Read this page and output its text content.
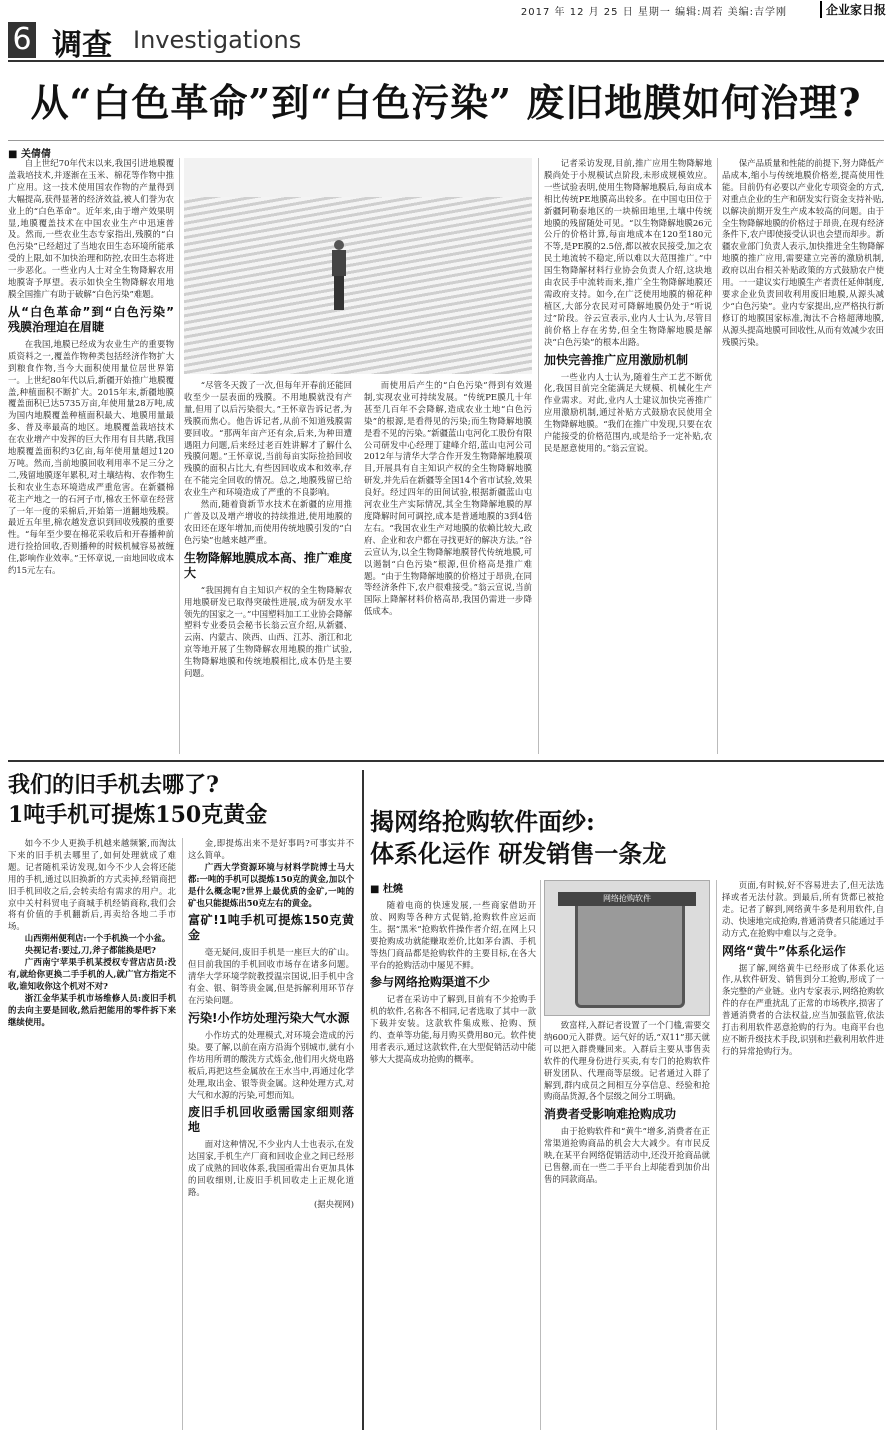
2017 年 12 月 25 日 星期一 编辑:周若 美编:吉学刚	企业家日报
6 调查 Investigations
从“白色革命”到“白色污染” 废旧地膜如何治理?
■ 关倩倩

自上世纪70年代末以来,我国引进地膜覆盖栽培技术,并逐渐在玉米、棉花等作物中推广应用。这一技术使用国农作物的产量得到大幅提高,获得显著的经济效益,被人们誉为农业上的“白色革命”。近年来,由于增产效果明显,地膜覆盖技术在中国农业生产中迅速普及。然而,一些农业生态专家指出,残膜的“白色污染”已经超过了当地农田生态环境所能承受的上限,如不加快治理和防控,农田生态将进一步恶化。一些业内人士对全生物降解农用地膜寄予厚望。表示如快全生物降解农用地膜全国推广有助于破解“白色污染”难题。

从“白色革命”到“白色污染” 残膜治理迫在眉睫

在我国,地膜已经成为农业生产的重要物质资料之一,覆盖作物种类包括经济作物扩大到粮食作物,当今大面积使用量位居世界第一。上世纪80年代以后,新疆开始推广地膜覆盖,种植面积不断扩大。2015年末,新疆地膜覆盖面积已达5735万亩,年使用量28万吨,成为国内地膜覆盖种植面积最大、地膜用量最多、普及率最高的地区。地膜覆盖栽培技术在农业增产中发挥的巨大作用有目共睹,我国地膜覆盖面积约3亿亩,每年使用量超过120万吨。然而,当前地膜回收利用率不足三分之二,残留地膜逐年累积,对土壤结构、农作物生长和农业生态环境造成严重危害。在新疆棉花主产地之一的石河子市,棉农王怀章在经营了一年一度的采棉后,开始第一道翻地残膜。最近五年里,棉农越发意识到回收残膜的重要性。“每年至少要在棉花采收后和开春播种前进行捡拾回收,否则播种的时候机械容易被缠住,影响作业效率。”王怀章说,一亩地回收成本约15元左右。

“尽管冬天拨了一次,但每年开春前还能回收至少一层表面的残膜。不用地膜就没有产量,但用了以后污染很大。”王怀章告诉记者,为残膜而焦心。他告诉记者,从前不知道残膜需要回收。“那两年亩产还有余,后来,为种田遭遇阻力问题,后来经过老百姓讲解才了解什么残膜问题。”王怀章说,当前每亩实际捡拾回收残膜的面积占比大,有些因回收成本和效率,存在不能完全回收的情况。总之,地膜残留已给农业生产和环境造成了严重的不良影响。

然而,随着資新节水技术在新疆的应用推广普及以及增产增收的持续推进,使用地膜的农田还在逐年增加,而使用传统地膜引发的“白色污染”也越来越严重。

生物降解地膜成本高、推广难度大

“我国拥有自主知识产权的全生物降解农用地膜研发已取得突破性进展,成为研发水平领先的国家之一。”中国塑料加工工业协会降解塑料专业委员会秘书长翁云宣介绍,从新疆、云南、内蒙古、陕西、山西、江苏、浙江和北京等地开展了生物降解农用地膜的推广试验,生物降解地膜和传统地膜相比,成本仍是主要问题。

而使用后产生的“白色污染”得到有效遏制,实现农业可持续发展。“传统PE膜几十年甚至几百年不会降解,造成农业土地“白色污染”的根源,是看得见的污染;而生物降解地膜是看不见的污染。”新疆蓝山屯河化工股份有限公司研发中心经理丁建峰介绍,蓝山屯河公司2012年与清华大学合作开发生物降解地膜项目,开展具有自主知识产权的全生物降解地膜研发,并先后在新疆等全国14个省市试验,效果良好。经过四年的田间试验,根据新疆蓝山屯河农业生产实际情况,其全生物降解地膜的厚度降解时间可调控,成本是普通地膜的3到4倍左右。“我国农业生产对地膜的依赖比较大,政府、企业和农户都在寻找更好的解决方法。”谷云宣认为,以全生物降解地膜替代传统地膜,可以遏制“白色污染”根源,但价格高是推广难题。“由于生物降解地膜的价格过于昂贵,在同等经济条件下,农户很难接受。”翁云宣说,当前国际上降解材料价格高昂,我国仍需进一步降低成本。

记者采访发现,目前,推广应用生物降解地膜尚处于小规模试点阶段,未形成规模效应。一些试验表明,使用生物降解地膜后,每亩成本相比传统PE地膜高出较多。在中国屯田位于新疆阿勒泰地区的一块棉田地里,土壤中传统地膜的残留随处可见。“以生物降解地膜26元公斤的价格计算,每亩地成本在120至180元不等,是PE膜的2.5倍,都以被农民接受,加之农民土地流转不稳定,所以难以大范围推广。”中国生物降解材料行业协会负责人介绍,这块地由农民手中流转而来,推广全生物降解地膜还需政府支持。如今,在广泛使用地膜的棉花种植区,大部分农民对可降解地膜仍处于“听说过”阶段。谷云宣表示,业内人士认为,尽管目前价格上存在劣势,但全生物降解地膜是解决“白色污染”的根本出路。

加快完善推广应用激励机制

一些业内人士认为,随着生产工艺不断优化,我国目前完全能满足大规模、机械化生产作业需求。对此,业内人士建议加快完善推广应用激励机制,通过补贴方式鼓励农民使用全生物降解地膜。“我们在推广中发现,只要在农户能接受的价格范围内,或是给予一定补贴,农民是愿意使用的。”翁云宣说。

保产品质量和性能的前提下,努力降低产品成本,缩小与传统地膜价格差,提高使用性能。目前仍有必要以产业化专项资金的方式,对重点企业的生产和研发实行资金支持补贴,以解决前期开发生产成本较高的问题。由于全生物降解地膜的价格过于昂贵,在现有经济条件下,农户即使接受认识也会望而却步。新疆农业部门负责人表示,加快推进全生物降解地膜的推广应用,需要建立完善的激励机制,政府以出台相关补贴政策的方式鼓励农户使用。一一建议实行地膜生产者责任延伸制度,要求企业负责回收利用废旧地膜,从源头减少“白色污染”。业内专家提出,应严格执行新修订的地膜国家标准,淘汰不合格超薄地膜,从源头提高地膜可回收性,从而有效减少农田残膜污染。

我们的旧手机去哪了?
1吨手机可提炼150克黄金

如今不少人更换手机越来越频繁,而淘汰下来的旧手机去哪里了,如何处理就成了难题。记者随机采访发现,如今不少人会将还能用的手机,通过以旧换新的方式卖掉,经销商把旧手机回收之后,会转卖给有需求的用户。北京中关村科贸电子商城手机经销商称,我们会将有价值的手机翻新后,再卖给各地二手市场。

山西朔州便利店:一个手机换一个小盆。

央视记者:要过,刀,斧子都能换是吧?

广西南宁苹果手机某授权专营店店员:没有,就给你更换二手手机的人,就广官方指定不收,谁知收你这个机对不对?

浙江金华某手机市场维修人员:废旧手机的去向主要是回收,然后把能用的零件拆下来继续使用。

金,即提炼出来不是好事吗?可事实并不这么简单。

广西大学资源环境与材料学院博士马大都:一吨的手机可以提炼150克的黄金,加以个是什么概念呢?世界上最优质的金矿,一吨的矿也只能提炼出50克左右的黄金。

富矿!1吨手机可提炼150克黄金

毫无疑问,废旧手机是一座巨大的矿山。但目前我国的手机回收市场存在诸多问题。清华大学环境学院教授温宗国说,旧手机中含有金、银、铜等贵金属,但是拆解利用环节存在污染问题。

污染!小作坊处理污染大气水源

小作坊式的处理模式,对环境会造成的污染。要了解,以前在南方沿海个别城市,就有小作坊用所谓的酸洗方式炼金,他们用火烧电路板后,再把这些金属放在王水当中,再通过化学处理,取出金、银等贵金属。这种处理方式,对大气和水源的污染,可想而知。

废旧手机回收亟需国家细则落地

面对这种情况,不少业内人士也表示,在发达国家,手机生产厂商和回收企业之间已经形成了成熟的回收体系,我国亟需出台更加具体的回收细则,让废旧手机回收走上正规化道路。

(据央视网)

揭网络抢购软件面纱:
体系化运作 研发销售一条龙
■ 杜燒
网络抢购软件

随着电商的快速发展,一些商家借助开放、网购等各种方式促销,抢购软件应运而生。据“黑米”抢购软件操作者介绍,在网上只要抢购成功就能赚取差价,比如茅台酒、手机等热门商品都是抢购软件的主要目标,在各大平台的抢购活动中屡见不鲜。

参与网络抢购渠道不少

记者在采访中了解到,目前有不少抢购手机的软件,名称各不相同,记者选取了其中一款下载并安装。这款软件集成账、抢购、预约、查单等功能,每月购买费用80元。软件使用者表示,通过这款软件,在大型促销活动中能够大大提高成功抢购的概率。

致富样,入群记者设置了一个门槛,需要交纳600元入群费。运气好的话,“双11”那天就可以把入群费赚回来。入群后主要从事售卖软件的代理身份进行买卖,有专门的抢购软件研发团队、代理商等层级。记者通过入群了解到,群内成员之间相互分享信息、经验和抢购商品货源,各个层级之间分工明确。

消费者受影响难抢购成功

由于抢购软件和“黄牛”增多,消费者在正常渠道抢购商品的机会大大减少。有市民反映,在某平台网络促销活动中,还没开抢商品就已售罄,而在一些二手平台上却能看到加价出售的同款商品。

页面,有时候,好不容易进去了,但无法选择或者无法付款。到最后,所有货都已被抢走。记者了解到,网络黄牛多是利用软件,自动、快速地完成抢购,普通消费者只能通过手动方式,在抢购中难以与之竞争。

网络“黄牛”体系化运作

据了解,网络黄牛已经形成了体系化运作,从软件研发、销售到分工抢购,形成了一条完整的产业链。业内专家表示,网络抢购软件的存在严重扰乱了正常的市场秩序,损害了普通消费者的合法权益,应当加强监管,依法打击利用软件恶意抢购的行为。电商平台也应不断升级技术手段,识别和拦截利用软件进行的异常抢购行为。
